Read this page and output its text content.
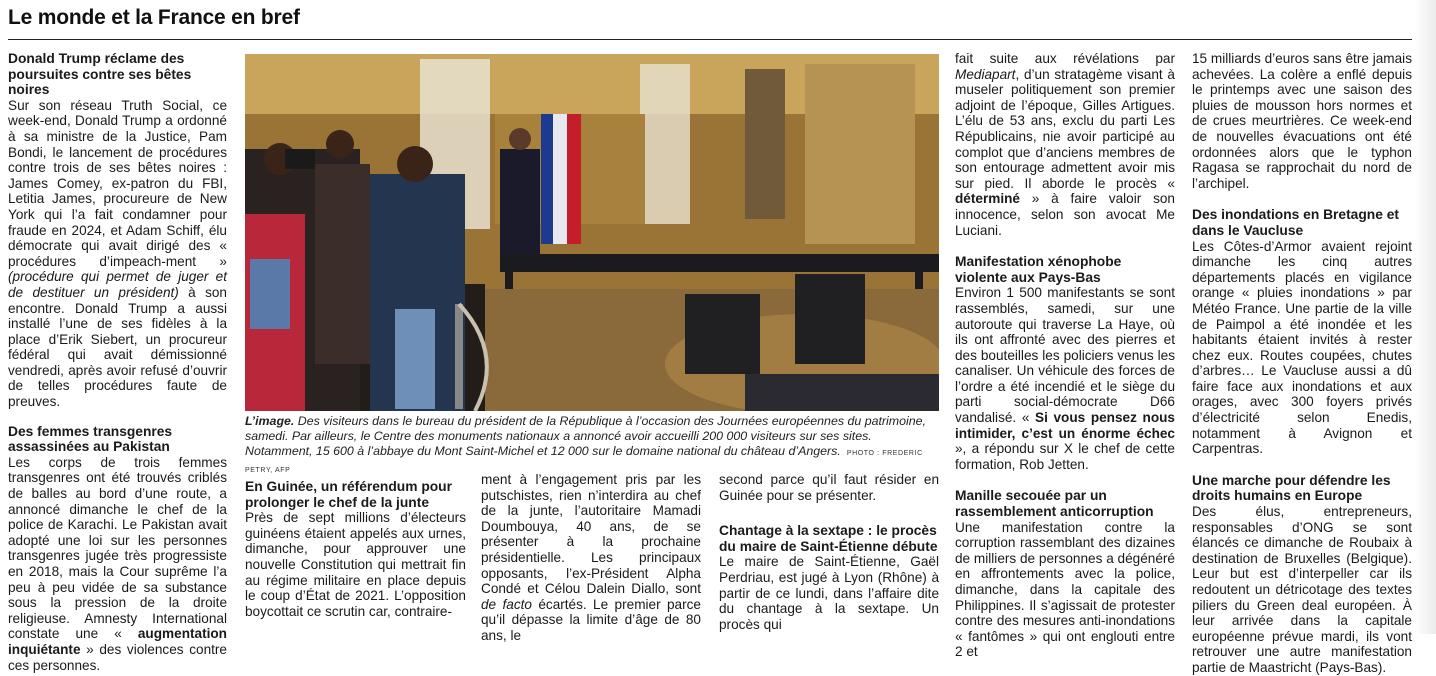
Le monde et la France en bref

Donald Trump réclame des poursuites contre ses bêtes noires

Sur son réseau Truth Social, ce week-end, Donald Trump a ordonné à sa ministre de la Justice, Pam Bondi, le lancement de procédures contre trois de ses bêtes noires : James Comey, ex-patron du FBI, Letitia James, procureure de New York qui l’a fait condamner pour fraude en 2024, et Adam Schiff, élu démocrate qui avait dirigé des « procédures d’impeach-ment » (procédure qui permet de juger et de destituer un président) à son encontre. Donald Trump a aussi installé l’une de ses fidèles à la place d’Erik Siebert, un procureur fédéral qui avait démissionné vendredi, après avoir refusé d’ouvrir de telles procédures faute de preuves.

Des femmes transgenres assassinées au Pakistan

Les corps de trois femmes transgenres ont été trouvés criblés de balles au bord d’une route, a annoncé dimanche le chef de la police de Karachi. Le Pakistan avait adopté une loi sur les personnes transgenres jugée très progressiste en 2018, mais la Cour suprême l’a peu à peu vidée de sa substance sous la pression de la droite religieuse. Amnesty International constate une « augmentation inquiétante » des violences contre ces personnes.

L’image. Des visiteurs dans le bureau du président de la République à l’occasion des Journées européennes du patrimoine, samedi. Par ailleurs, le Centre des monuments nationaux a annoncé avoir accueilli 200 000 visiteurs sur ses sites. Notamment, 15 600 à l’abbaye du Mont Saint-Michel et 12 000 sur le domaine national du château d’Angers. PHOTO : FREDERIC PETRY, AFP

En Guinée, un référendum pour prolonger le chef de la junte

Près de sept millions d’électeurs guinéens étaient appelés aux urnes, dimanche, pour approuver une nouvelle Constitution qui mettrait fin au régime militaire en place depuis le coup d’État de 2021. L’opposition boycottait ce scrutin car, contraire-

ment à l’engagement pris par les putschistes, rien n’interdira au chef de la junte, l’autoritaire Mamadi Doumbouya, 40 ans, de se présenter à la prochaine présidentielle. Les principaux opposants, l’ex-Président Alpha Condé et Célou Dalein Diallo, sont de facto écartés. Le premier parce qu’il dépasse la limite d’âge de 80 ans, le

second parce qu’il faut résider en Guinée pour se présenter.

Chantage à la sextape : le procès du maire de Saint-Étienne débute

Le maire de Saint-Étienne, Gaël Perdriau, est jugé à Lyon (Rhône) à partir de ce lundi, dans l’affaire dite du chantage à la sextape. Un procès qui

fait suite aux révélations par Mediapart, d’un stratagème visant à museler politiquement son premier adjoint de l’époque, Gilles Artigues. L’élu de 53 ans, exclu du parti Les Républicains, nie avoir participé au complot que d’anciens membres de son entourage admettent avoir mis sur pied. Il aborde le procès « déterminé » à faire valoir son innocence, selon son avocat Me Luciani.

Manifestation xénophobe violente aux Pays-Bas

Environ 1 500 manifestants se sont rassemblés, samedi, sur une autoroute qui traverse La Haye, où ils ont affronté avec des pierres et des bouteilles les policiers venus les canaliser. Un véhicule des forces de l’ordre a été incendié et le siège du parti social-démocrate D66 vandalisé. « Si vous pensez nous intimider, c’est un énorme échec », a répondu sur X le chef de cette formation, Rob Jetten.

Manille secouée par un rassemblement anticorruption

Une manifestation contre la corruption rassemblant des dizaines de milliers de personnes a dégénéré en affrontements avec la police, dimanche, dans la capitale des Philippines. Il s’agissait de protester contre des mesures anti-inondations « fantômes » qui ont englouti entre 2 et

15 milliards d’euros sans être jamais achevées. La colère a enflé depuis le printemps avec une saison des pluies de mousson hors normes et de crues meurtrières. Ce week-end de nouvelles évacuations ont été ordonnées alors que le typhon Ragasa se rapprochait du nord de l’archipel.

Des inondations en Bretagne et dans le Vaucluse

Les Côtes-d’Armor avaient rejoint dimanche les cinq autres départements placés en vigilance orange « pluies inondations » par Météo France. Une partie de la ville de Paimpol a été inondée et les habitants étaient invités à rester chez eux. Routes coupées, chutes d’arbres… Le Vaucluse aussi a dû faire face aux inondations et aux orages, avec 300 foyers privés d’électricité selon Enedis, notamment à Avignon et Carpentras.

Une marche pour défendre les droits humains en Europe

Des élus, entrepreneurs, responsables d’ONG se sont élancés ce dimanche de Roubaix à destination de Bruxelles (Belgique). Leur but est d’interpeller car ils redoutent un détricotage des textes piliers du Green deal européen. À leur arrivée dans la capitale européenne prévue mardi, ils vont retrouver une autre manifestation partie de Maastricht (Pays-Bas).
